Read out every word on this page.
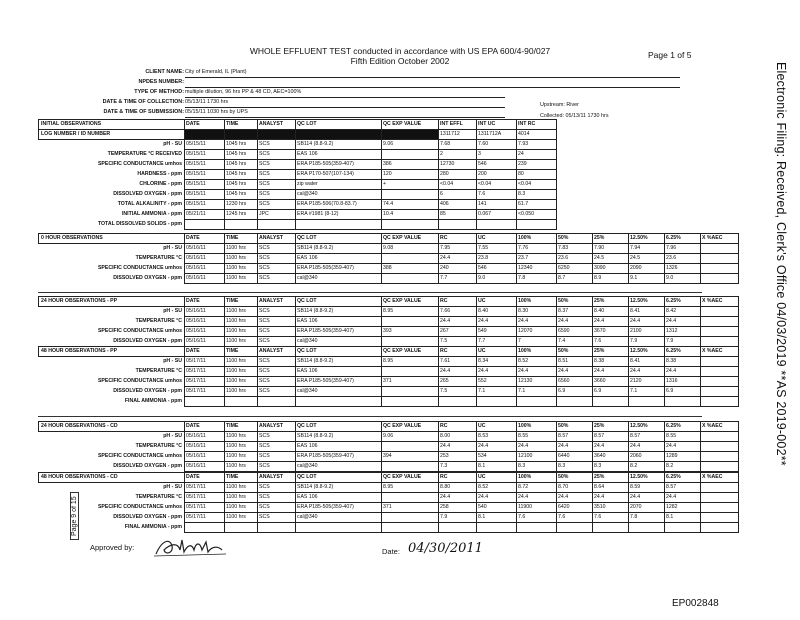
WHOLE EFFLUENT TEST conducted in accordance with US EPA 600/4-90/027
Fifth Edition October 2002
Page 1 of 5
Electronic Filing: Received, Clerk's Office 04/03/2019 **AS 2019-002**
Page 9 of 15
CLIENT NAME: City of Emerald, IL (Plant)
NPDES NUMBER:
TYPE OF METHOD: multiple dilution, 96 hrs PP & 48 CD, AEC=100%
DATE & TIME OF COLLECTION: 05/13/11 1730 hrs
DATE & TIME OF SUBMISSION: 05/15/11 1030 hrs by UPS
Upstream: River
Collected: 05/13/11 1730 hrs
INITIAL OBSERVATIONS	DATE	TIME	ANALYST	QC LOT	QC EXP VALUE	INT EFFL	INT UC	INT RC
LOG NUMBER / ID NUMBER						1311712	1311712A	4014
pH - SU	05/15/11	1045 hrs	SCS	SB114 (8.8-9.2)	9.06	7.68	7.60	7.93
TEMPERATURE °C RECEIVED	05/15/11	1045 hrs	SCS	EAS 106		2	3	24
SPECIFIC CONDUCTANCE umhos	05/15/11	1045 hrs	SCS	ERA P185-505(359-407)	386	12730	546	239
HARDNESS - ppm	05/15/11	1045 hrs	SCS	ERA P170-507(107-134)	120	280	200	80
CHLORINE - ppm	05/15/11	1045 hrs	SCS	zip water	+	<0.04	<0.04	<0.04
DISSOLVED OXYGEN - ppm	05/15/11	1045 hrs	SCS	cal@340		6	7.6	8.3
TOTAL ALKALINITY - ppm	05/15/11	1230 hrs	SCS	ERA P185-506(70.8-83.7)	74.4	406	141	61.7
INITIAL AMMONIA - ppm	05/21/11	1245 hrs	JPC	ERA #1981 (8-12)	10.4	85	0.067	<0.050
TOTAL DISSOLVED SOLIDS - ppm								
0 HOUR OBSERVATIONS	DATE	TIME	ANALYST	QC LOT	QC EXP VALUE	RC	UC	100%	50%	25%	12.50%	6.25%	X %AEC
pH - SU	05/16/11	1100 hrs	SCS	SB114 (8.8-9.2)	9.08	7.95	7.55	7.76	7.83	7.90	7.94	7.96	
TEMPERATURE °C	05/16/11	1100 hrs	SCS	EAS 106		24.4	23.8	23.7	23.6	24.5	24.5	23.6	
SPECIFIC CONDUCTANCE umhos	05/16/11	1100 hrs	SCS	ERA P185-505(359-407)	388	240	546	12340	6250	3090	2090	1326	
DISSOLVED OXYGEN - ppm	05/16/11	1100 hrs	SCS	cal@340		7.7	9.0	7.8	8.7	8.9	9.1	9.0	
24 HOUR OBSERVATIONS - PP	DATE	TIME	ANALYST	QC LOT	QC EXP VALUE	RC	UC	100%	50%	25%	12.50%	6.25%	X %AEC
pH - SU	05/16/11	1100 hrs	SCS	SB114 (8.8-9.2)	8.95	7.66	8.40	8.30	8.37	8.40	8.41	8.42	
TEMPERATURE °C	05/16/11	1100 hrs	SCS	EAS 106		24.4	24.4	24.4	24.4	24.4	24.4	24.4	
SPECIFIC CONDUCTANCE umhos	05/16/11	1100 hrs	SCS	ERA P185-505(359-407)	393	267	549	12070	6590	3670	2100	1312	
DISSOLVED OXYGEN - ppm	05/16/11	1100 hrs	SCS	cal@340		7.5	7.7	7	7.4	7.6	7.9	7.9	
48 HOUR OBSERVATIONS - PP	DATE	TIME	ANALYST	QC LOT	QC EXP VALUE	RC	UC	100%	50%	25%	12.50%	6.25%	X %AEC
pH - SU	05/17/11	1100 hrs	SCS	SB114 (8.8-9.2)	8.95	7.61	8.34	8.52	8.51	8.38	8.41	8.38	
TEMPERATURE °C	05/17/11	1100 hrs	SCS	EAS 106		24.4	24.4	24.4	24.4	24.4	24.4	24.4	
SPECIFIC CONDUCTANCE umhos	05/17/11	1100 hrs	SCS	ERA P185-505(359-407)	371	265	552	12130	6560	3660	2120	1316	
DISSOLVED OXYGEN - ppm	05/17/11	1100 hrs	SCS	cal@340		7.5	7.1	7.1	6.9	6.9	7.1	6.9	
FINAL AMMONIA - ppm													
24 HOUR OBSERVATIONS - CD	DATE	TIME	ANALYST	QC LOT	QC EXP VALUE	RC	UC	100%	50%	25%	12.50%	6.25%	X %AEC
pH - SU	05/16/11	1100 hrs	SCS	SB114 (8.8-9.2)	9.06	8.00	8.53	8.55	8.57	8.57	8.57	8.55	
TEMPERATURE °C	05/16/11	1100 hrs	SCS	EAS 106		24.4	24.4	24.4	24.4	24.4	24.4	24.4	
SPECIFIC CONDUCTANCE umhos	05/16/11	1100 hrs	SCS	ERA P185-505(359-407)	394	253	534	12100	6440	3640	2060	1289	
DISSOLVED OXYGEN - ppm	05/16/11	1100 hrs	SCS	cal@340		7.3	8.1	8.3	8.3	8.3	8.2	8.2	
48 HOUR OBSERVATIONS - CD	DATE	TIME	ANALYST	QC LOT	QC EXP VALUE	RC	UC	100%	50%	25%	12.50%	6.25%	X %AEC
pH - SU	05/17/11	1100 hrs	SCS	SB114 (8.8-9.2)	8.95	8.80	8.52	8.72	8.70	8.64	8.59	8.57	
TEMPERATURE °C	05/17/11	1100 hrs	SCS	EAS 106		24.4	24.4	24.4	24.4	24.4	24.4	24.4	
SPECIFIC CONDUCTANCE umhos	05/17/11	1100 hrs	SCS	ERA P185-505(359-407)	371	258	540	11900	6420	3510	2070	1282	
DISSOLVED OXYGEN - ppm	05/17/11	1100 hrs	SCS	cal@340		7.9	8.1	7.6	7.6	7.6	7.8	8.1	
FINAL AMMONIA - ppm													
Approved by:	Date: 04/30/2011
EP002848
